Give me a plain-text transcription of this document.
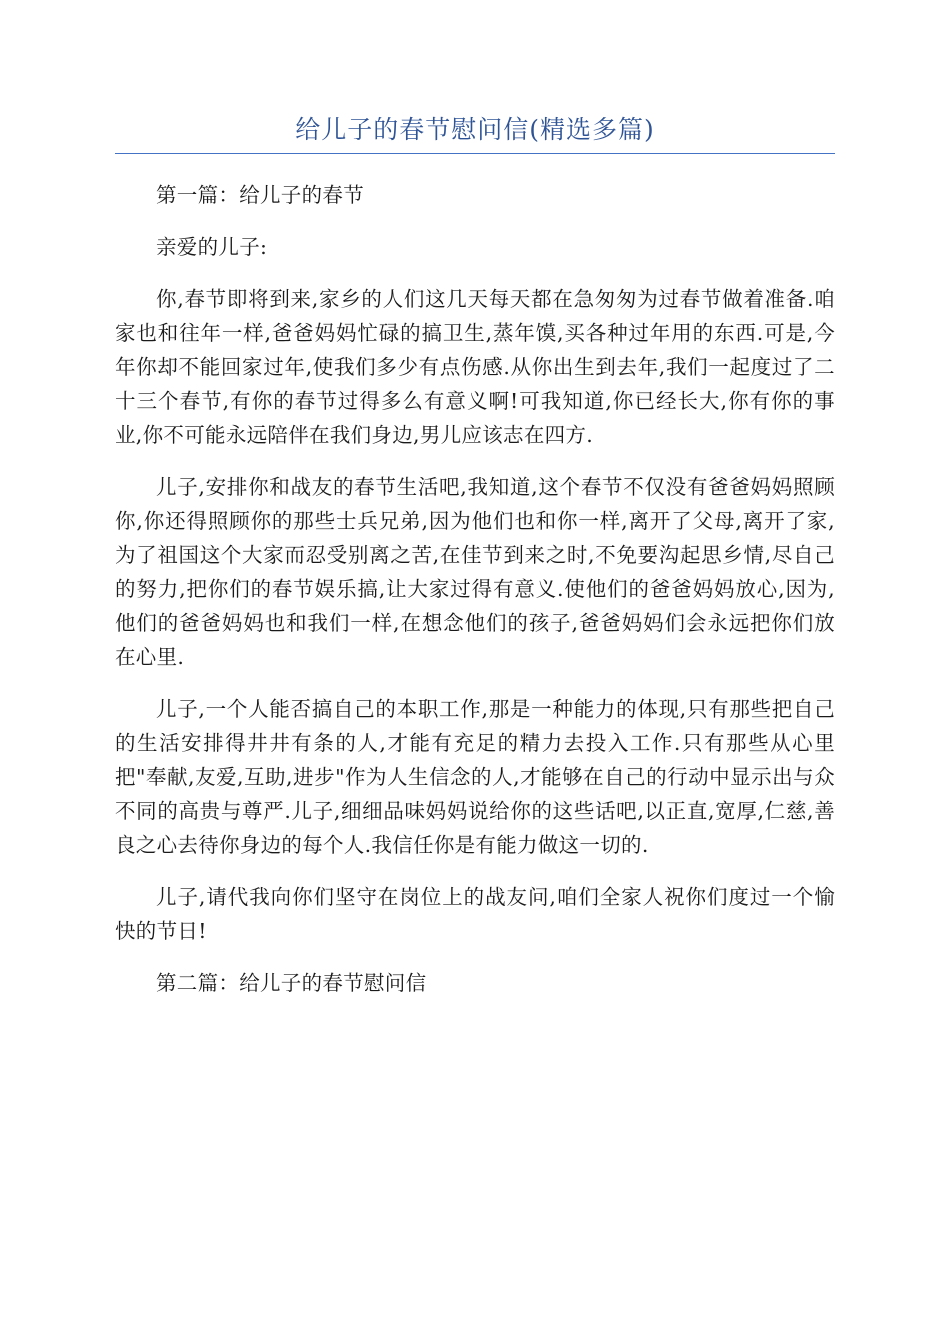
给儿子的春节慰问信(精选多篇)

第一篇：给儿子的春节

亲爱的儿子:

你,春节即将到来,家乡的人们这几天每天都在急匆匆为过春节做着准备.咱家也和往年一样,爸爸妈妈忙碌的搞卫生,蒸年馍,买各种过年用的东西.可是,今年你却不能回家过年,使我们多少有点伤感.从你出生到去年,我们一起度过了二十三个春节,有你的春节过得多么有意义啊!可我知道,你已经长大,你有你的事业,你不可能永远陪伴在我们身边,男儿应该志在四方.

儿子,安排你和战友的春节生活吧,我知道,这个春节不仅没有爸爸妈妈照顾你,你还得照顾你的那些士兵兄弟,因为他们也和你一样,离开了父母,离开了家,为了祖国这个大家而忍受别离之苦,在佳节到来之时,不免要沟起思乡情,尽自己的努力,把你们的春节娱乐搞,让大家过得有意义.使他们的爸爸妈妈放心,因为,他们的爸爸妈妈也和我们一样,在想念他们的孩子,爸爸妈妈们会永远把你们放在心里.

儿子,一个人能否搞自己的本职工作,那是一种能力的体现,只有那些把自己的生活安排得井井有条的人,才能有充足的精力去投入工作.只有那些从心里把"奉献,友爱,互助,进步"作为人生信念的人,才能够在自己的行动中显示出与众不同的高贵与尊严.儿子,细细品味妈妈说给你的这些话吧,以正直,宽厚,仁慈,善良之心去待你身边的每个人.我信任你是有能力做这一切的.

儿子,请代我向你们坚守在岗位上的战友问,咱们全家人祝你们度过一个愉快的节日!

第二篇：给儿子的春节慰问信
